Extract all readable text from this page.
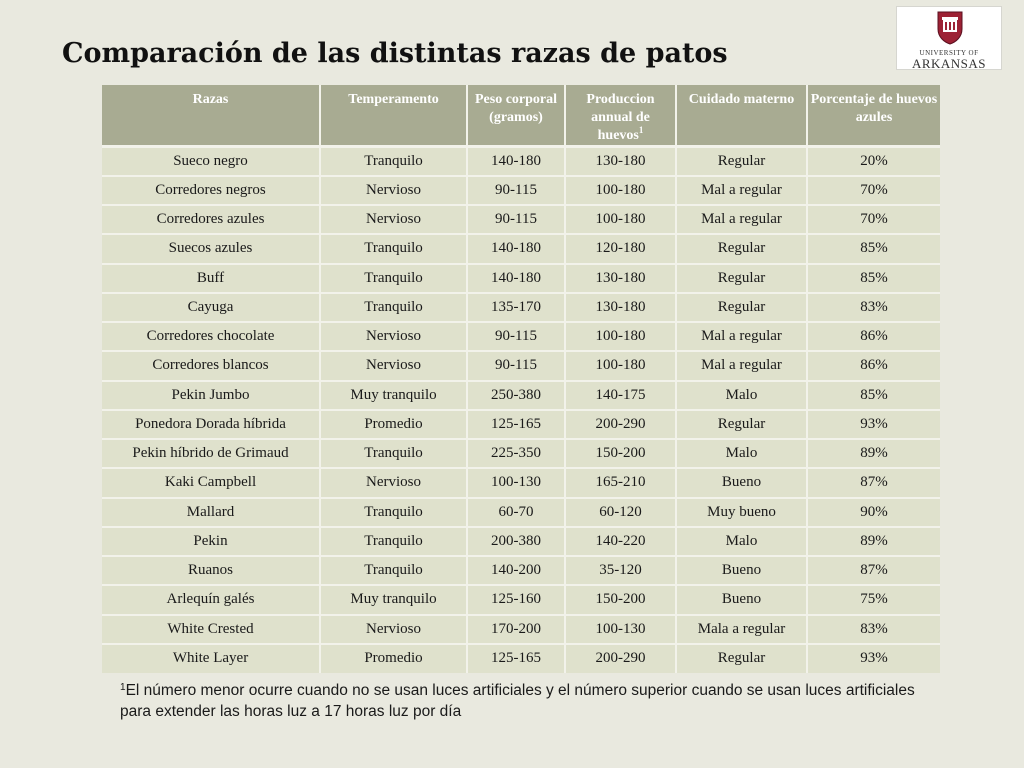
Comparación de las distintas razas de patos	UNIVERSITY OF
ARKANSAS
Razas	Temperamento	Peso corporal (gramos)	Produccion annual de huevos$^1$	Cuidado materno	Porcentaje de huevos azules
Sueco negro	Tranquilo	140-180	130-180	Regular	20%
Corredores negros	Nervioso	90-115	100-180	Mal a regular	70%
Corredores azules	Nervioso	90-115	100-180	Mal a regular	70%
Suecos azules	Tranquilo	140-180	120-180	Regular	85%
Buff	Tranquilo	140-180	130-180	Regular	85%
Cayuga	Tranquilo	135-170	130-180	Regular	83%
Corredores chocolate	Nervioso	90-115	100-180	Mal a regular	86%
Corredores blancos	Nervioso	90-115	100-180	Mal a regular	86%
Pekin Jumbo	Muy tranquilo	250-380	140-175	Malo	85%
Ponedora Dorada híbrida	Promedio	125-165	200-290	Regular	93%
Pekin híbrido de Grimaud	Tranquilo	225-350	150-200	Malo	89%
Kaki Campbell	Nervioso	100-130	165-210	Bueno	87%
Mallard	Tranquilo	60-70	60-120	Muy bueno	90%
Pekin	Tranquilo	200-380	140-220	Malo	89%
Ruanos	Tranquilo	140-200	35-120	Bueno	87%
Arlequín galés	Muy tranquilo	125-160	150-200	Bueno	75%
White Crested	Nervioso	170-200	100-130	Mala a regular	83%
White Layer	Promedio	125-165	200-290	Regular	93%
$^1$El número menor ocurre cuando no se usan luces artificiales y el número superior cuando se usan luces artificiales para extender las horas luz a 17 horas luz por día
